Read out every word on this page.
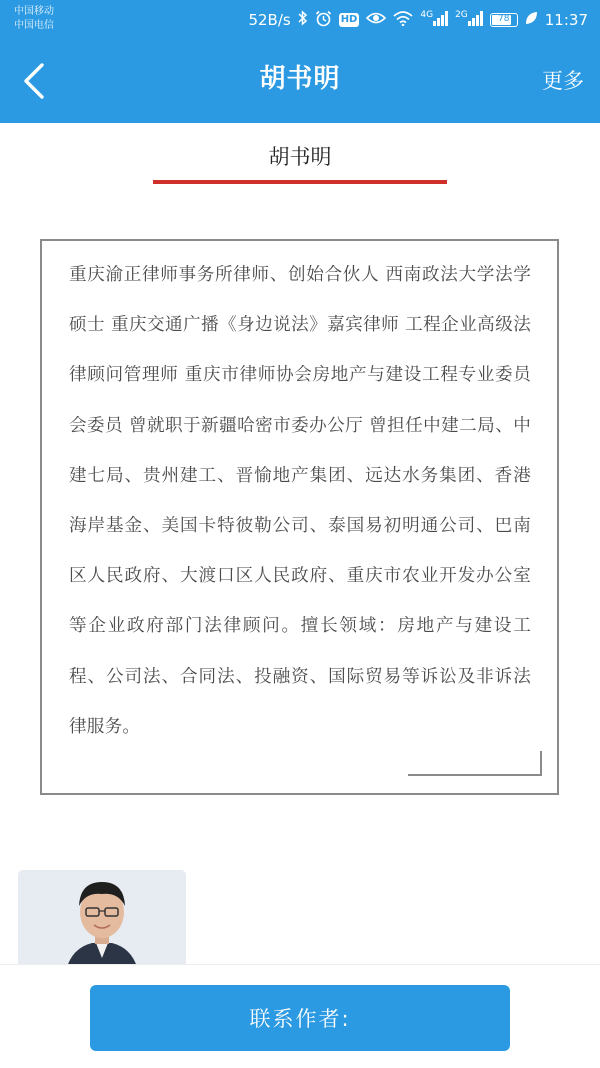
中国移动
中国电信	52B/s	HD	$^{4G}$	$^{2G}$	78	11:37
胡书明	更多
胡书明

重庆渝正律师事务所律师、创始合伙人 西南政法大学法学硕士 重庆交通广播《身边说法》嘉宾律师 工程企业高级法律顾问管理师 重庆市律师协会房地产与建设工程专业委员会委员 曾就职于新疆哈密市委办公厅 曾担任中建二局、中建七局、贵州建工、晋愉地产集团、远达水务集团、香港海岸基金、美国卡特彼勒公司、泰国易初明通公司、巴南区人民政府、大渡口区人民政府、重庆市农业开发办公室等企业政府部门法律顾问。擅长领域：房地产与建设工程、公司法、合同法、投融资、国际贸易等诉讼及非诉法律服务。

联系作者:
